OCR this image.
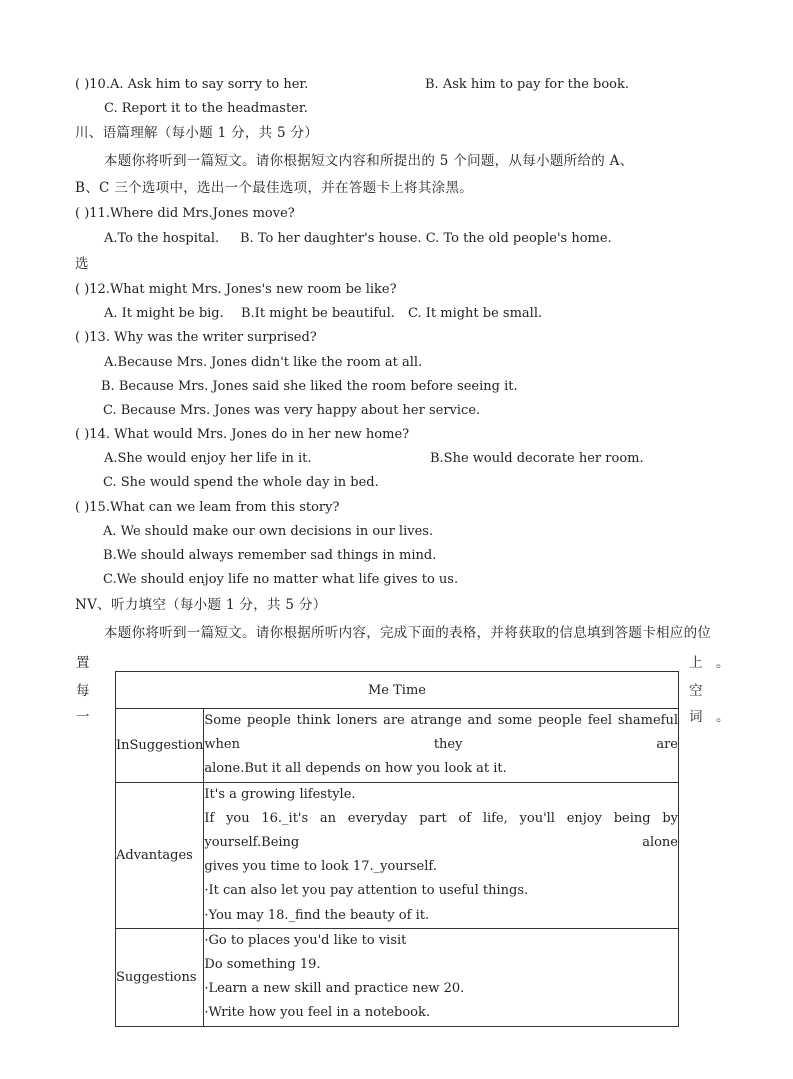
( )10.A. Ask him to say sorry to her.	B. Ask him to pay for the book.
C. Report it to the headmaster.
川、语篇理解（每小题 1 分，共 5 分）
本题你将听到一篇短文。请你根据短文内容和所提出的 5 个问题，从每小题所给的 A、
B、C 三个选项中，选出一个最佳选项，并在答题卡上将其涂黑。
( )11.Where did Mrs.Jones move?
A.To the hospital. B. To her daughter's house. C. To the old people's home.
选
( )12.What might Mrs. Jones's new room be like?
A. It might be big. B.It might be beautiful. C. It might be small.
( )13. Why was the writer surprised?
A.Because Mrs. Jones didn't like the room at all.
B. Because Mrs. Jones said she liked the room before seeing it.
C. Because Mrs. Jones was very happy about her service.
( )14. What would Mrs. Jones do in her new home?
A.She would enjoy her life in it.	B.She would decorate her room.
C. She would spend the whole day in bed.
( )15.What can we leam from this story?
A. We should make our own decisions in our lives.
B.We should always remember sad things in mind.
C.We should enjoy life no matter what life gives to us.
NV、听力填空（每小题 1 分，共 5 分）
本题你将听到一篇短文。请你根据所听内容，完成下面的表格，并将获取的信息填到答题卡相应的位
置
每
一
上
空
词
。
。
Me Time	
InSuggestion	Some people think loners are atrange and some people feel shameful when they are
alone.But it all depends on how you look at it.

Advantages	It's a growing lifestyle.
If you 16._it's an everyday part of life, you'll enjoy being by yourself.Being alone
gives you time to look 17._yourself.
·It can also let you pay attention to useful things.
·You may 18._find the beauty of it.

Suggestions	·Go to places you'd like to visit
Do something 19.
·Learn a new skill and practice new 20.
·Write how you feel in a notebook.
